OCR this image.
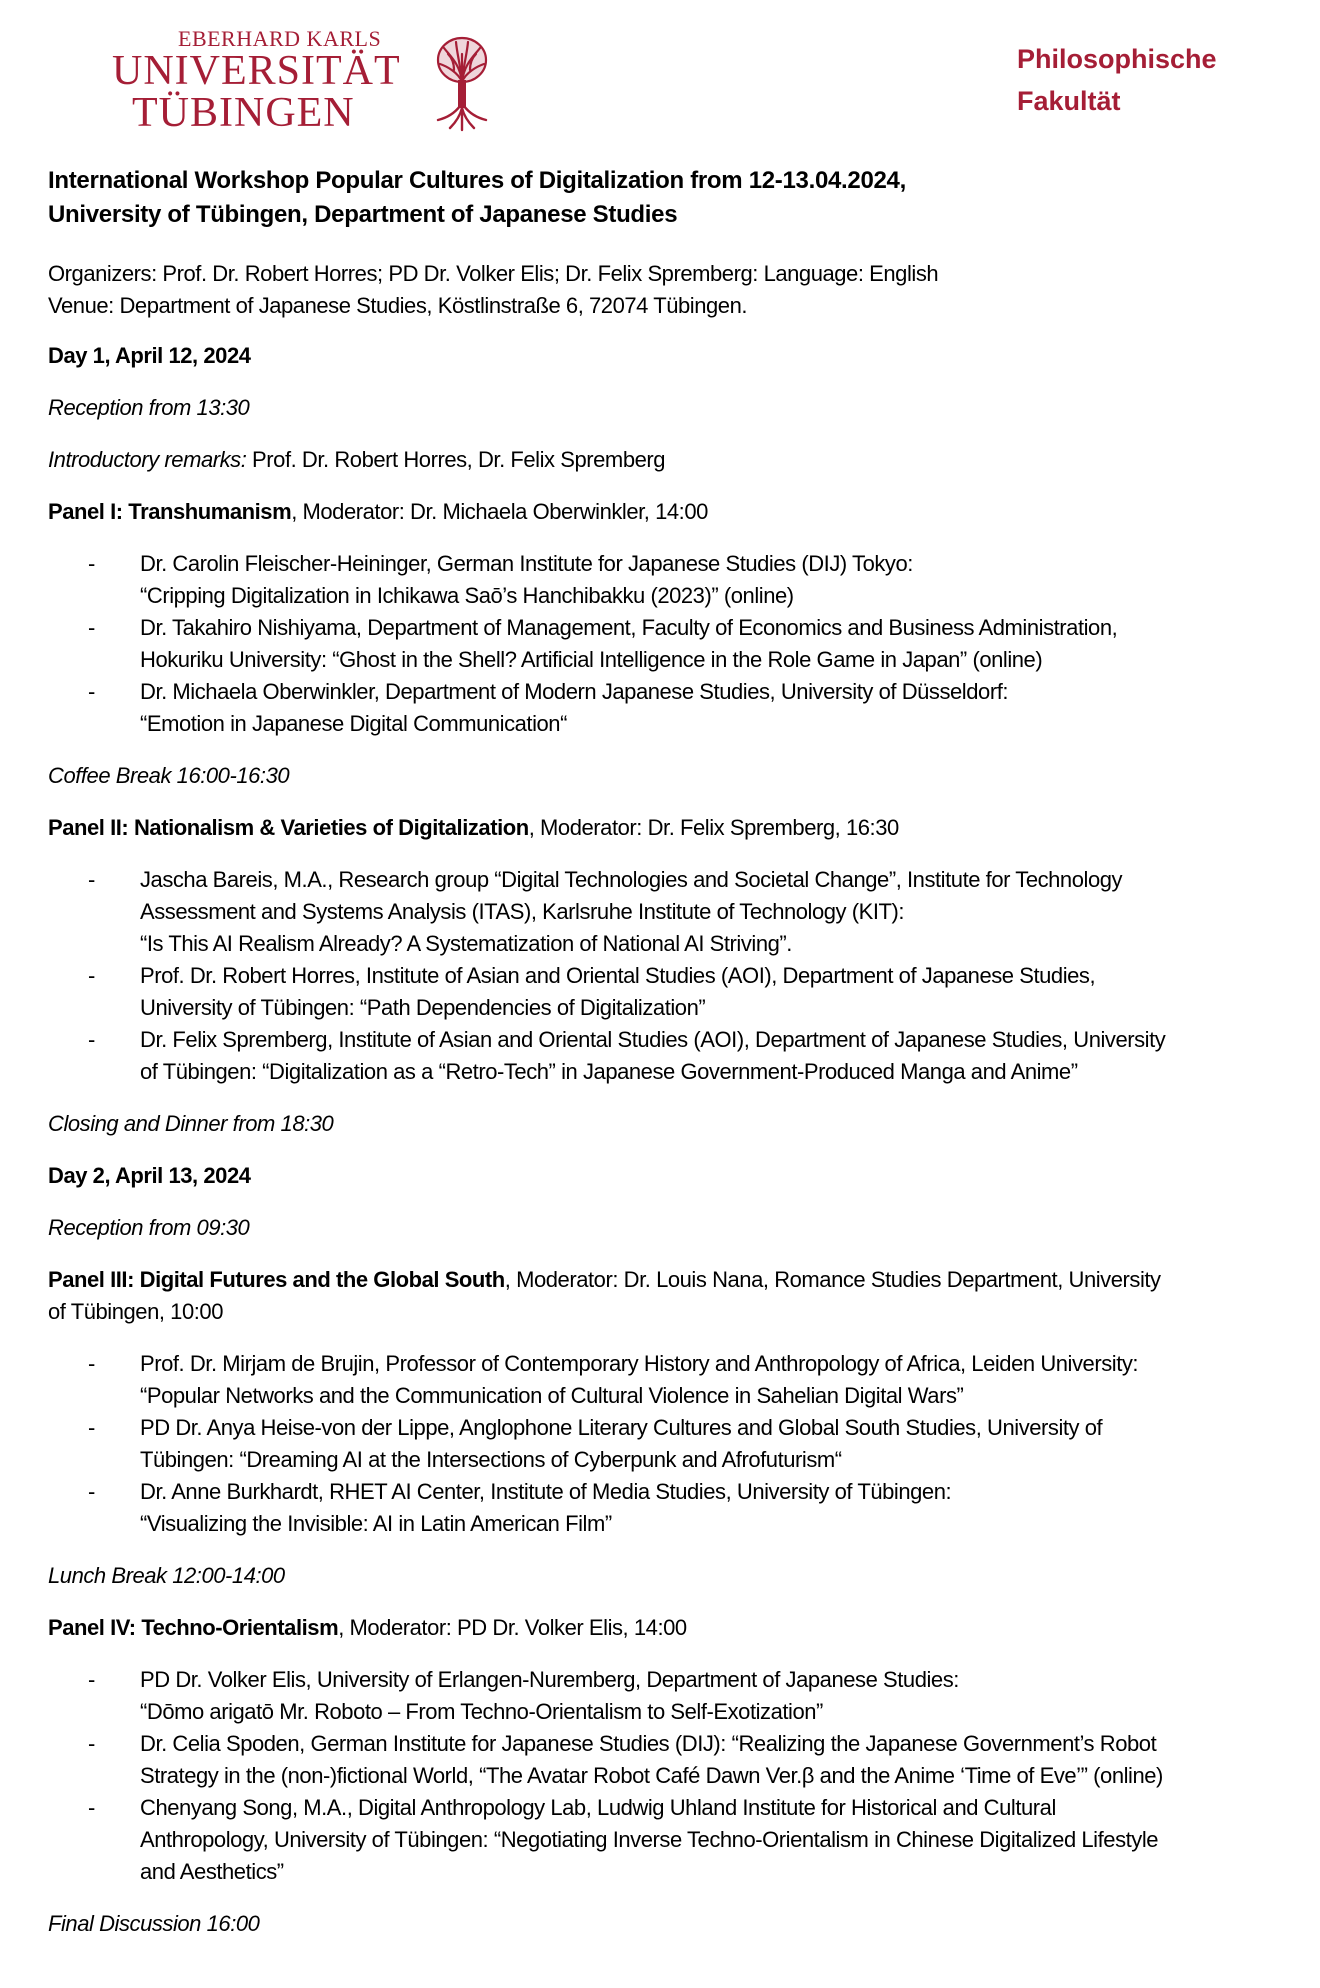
EBERHARD KARLS
UNIVERSITÄT
TÜBINGEN
Philosophische
Fakultät
International Workshop Popular Cultures of Digitalization from 12-13.04.2024,
University of Tübingen, Department of Japanese Studies
Organizers: Prof. Dr. Robert Horres; PD Dr. Volker Elis; Dr. Felix Spremberg: Language: English
Venue: Department of Japanese Studies, Köstlinstraße 6, 72074 Tübingen.
Day 1, April 12, 2024
Reception from 13:30
Introductory remarks: Prof. Dr. Robert Horres, Dr. Felix Spremberg
Panel I: Transhumanism, Moderator: Dr. Michaela Oberwinkler, 14:00
- Dr. Carolin Fleischer-Heininger, German Institute for Japanese Studies (DIJ) Tokyo:
“Cripping Digitalization in Ichikawa Saō’s Hanchibakku (2023)” (online)
- Dr. Takahiro Nishiyama, Department of Management, Faculty of Economics and Business Administration,
Hokuriku University: “Ghost in the Shell? Artificial Intelligence in the Role Game in Japan” (online)
- Dr. Michaela Oberwinkler, Department of Modern Japanese Studies, University of Düsseldorf:
“Emotion in Japanese Digital Communication“
Coffee Break 16:00-16:30
Panel II: Nationalism & Varieties of Digitalization, Moderator: Dr. Felix Spremberg, 16:30
- Jascha Bareis, M.A., Research group “Digital Technologies and Societal Change”, Institute for Technology
Assessment and Systems Analysis (ITAS), Karlsruhe Institute of Technology (KIT):
“Is This AI Realism Already? A Systematization of National AI Striving”.
- Prof. Dr. Robert Horres, Institute of Asian and Oriental Studies (AOI), Department of Japanese Studies,
University of Tübingen: “Path Dependencies of Digitalization”
- Dr. Felix Spremberg, Institute of Asian and Oriental Studies (AOI), Department of Japanese Studies, University
of Tübingen: “Digitalization as a “Retro-Tech” in Japanese Government-Produced Manga and Anime”
Closing and Dinner from 18:30
Day 2, April 13, 2024
Reception from 09:30
Panel III: Digital Futures and the Global South, Moderator: Dr. Louis Nana, Romance Studies Department, University
of Tübingen, 10:00
- Prof. Dr. Mirjam de Brujin, Professor of Contemporary History and Anthropology of Africa, Leiden University:
“Popular Networks and the Communication of Cultural Violence in Sahelian Digital Wars”
- PD Dr. Anya Heise-von der Lippe, Anglophone Literary Cultures and Global South Studies, University of
Tübingen: “Dreaming AI at the Intersections of Cyberpunk and Afrofuturism“
- Dr. Anne Burkhardt, RHET AI Center, Institute of Media Studies, University of Tübingen:
“Visualizing the Invisible: AI in Latin American Film”
Lunch Break 12:00-14:00
Panel IV: Techno-Orientalism, Moderator: PD Dr. Volker Elis, 14:00
- PD Dr. Volker Elis, University of Erlangen-Nuremberg, Department of Japanese Studies:
“Dōmo arigatō Mr. Roboto – From Techno-Orientalism to Self-Exotization”
- Dr. Celia Spoden, German Institute for Japanese Studies (DIJ): “Realizing the Japanese Government’s Robot
Strategy in the (non-)fictional World, “The Avatar Robot Café Dawn Ver.β and the Anime ‘Time of Eve’” (online)
- Chenyang Song, M.A., Digital Anthropology Lab, Ludwig Uhland Institute for Historical and Cultural
Anthropology, University of Tübingen: “Negotiating Inverse Techno-Orientalism in Chinese Digitalized Lifestyle
and Aesthetics”
Final Discussion 16:00
